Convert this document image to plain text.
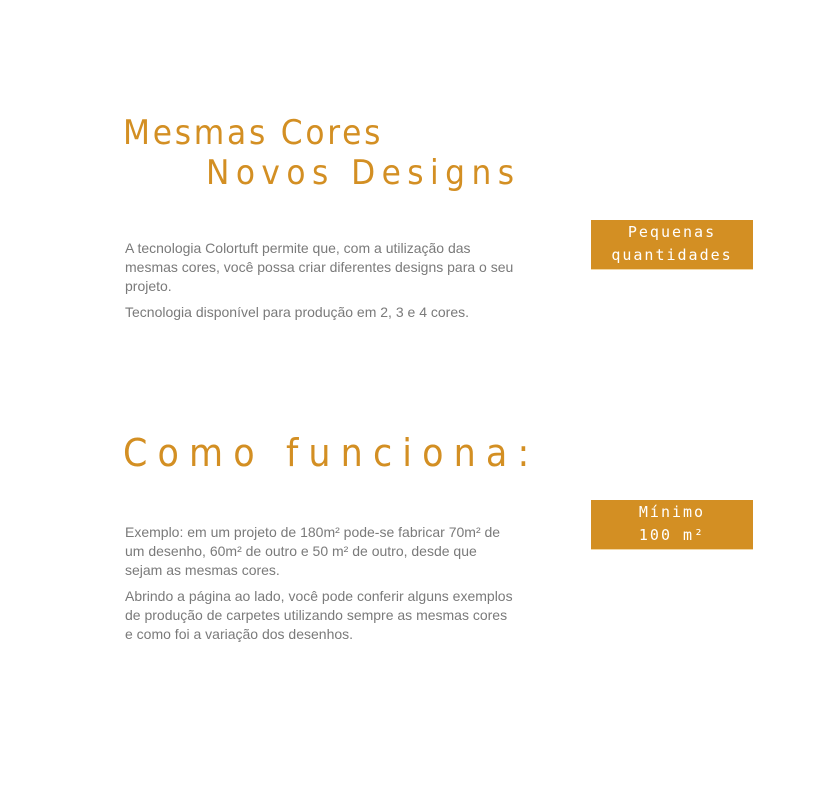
Mesmas Cores
Novos Designs

A tecnologia Colortuft permite que, com a utilização das mesmas cores, você possa criar diferentes designs para o seu projeto.

Tecnologia disponível para produção em 2, 3 e 4 cores.

Pequenas
quantidades
Como funciona:

Exemplo: em um projeto de 180m² pode-se fabricar 70m² de um desenho, 60m² de outro e 50 m² de outro, desde que sejam as mesmas cores.

Abrindo a página ao lado, você pode conferir alguns exemplos de produção de carpetes utilizando sempre as mesmas cores e como foi a variação dos desenhos.

Mínimo
100 m²
